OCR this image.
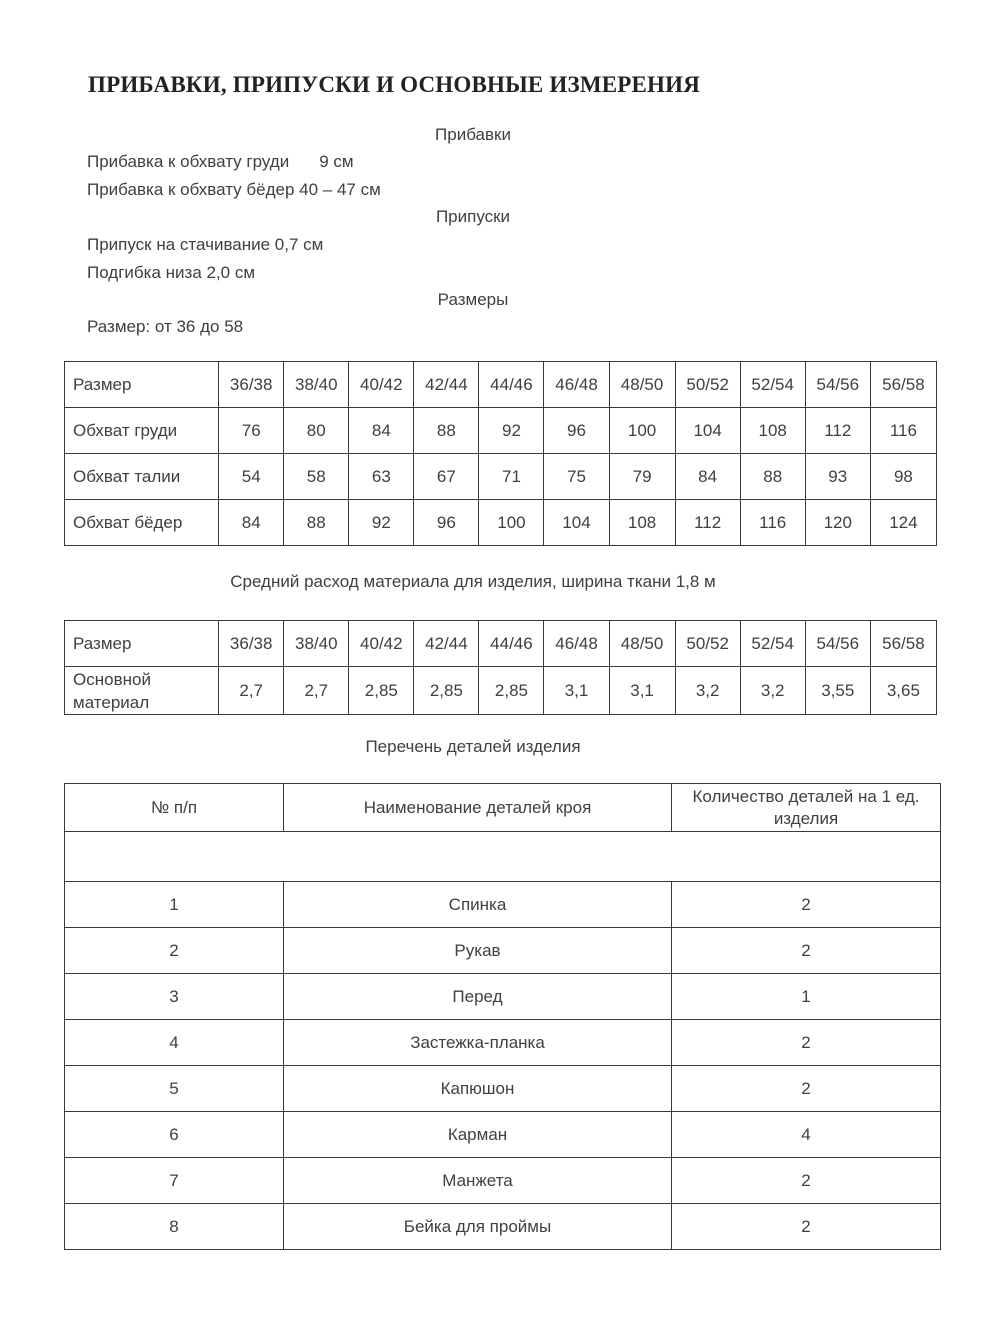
ПРИБАВКИ, ПРИПУСКИ И ОСНОВНЫЕ ИЗМЕРЕНИЯ
Прибавки
Прибавка к обхвату груди 9 см
Прибавка к обхвату бёдер 40 – 47 см
Припуски
Припуск на стачивание 0,7 см
Подгибка низа 2,0 см
Размеры
Размер: от 36 до 58
Размер	36/38	38/40	40/42	42/44	44/46	46/48	48/50	50/52	52/54	54/56	56/58
Обхват груди	76	80	84	88	92	96	100	104	108	112	116
Обхват талии	54	58	63	67	71	75	79	84	88	93	98
Обхват бёдер	84	88	92	96	100	104	108	112	116	120	124
Средний расход материала для изделия, ширина ткани 1,8 м
Размер	36/38	38/40	40/42	42/44	44/46	46/48	48/50	50/52	52/54	54/56	56/58
Основной
материал	2,7	2,7	2,85	2,85	2,85	3,1	3,1	3,2	3,2	3,55	3,65
Перечень деталей изделия
№ п/п	Наименование деталей кроя	Количество деталей на 1 ед.
изделия

1	Спинка	2
2	Рукав	2
3	Перед	1
4	Застежка-планка	2
5	Капюшон	2
6	Карман	4
7	Манжета	2
8	Бейка для проймы	2
